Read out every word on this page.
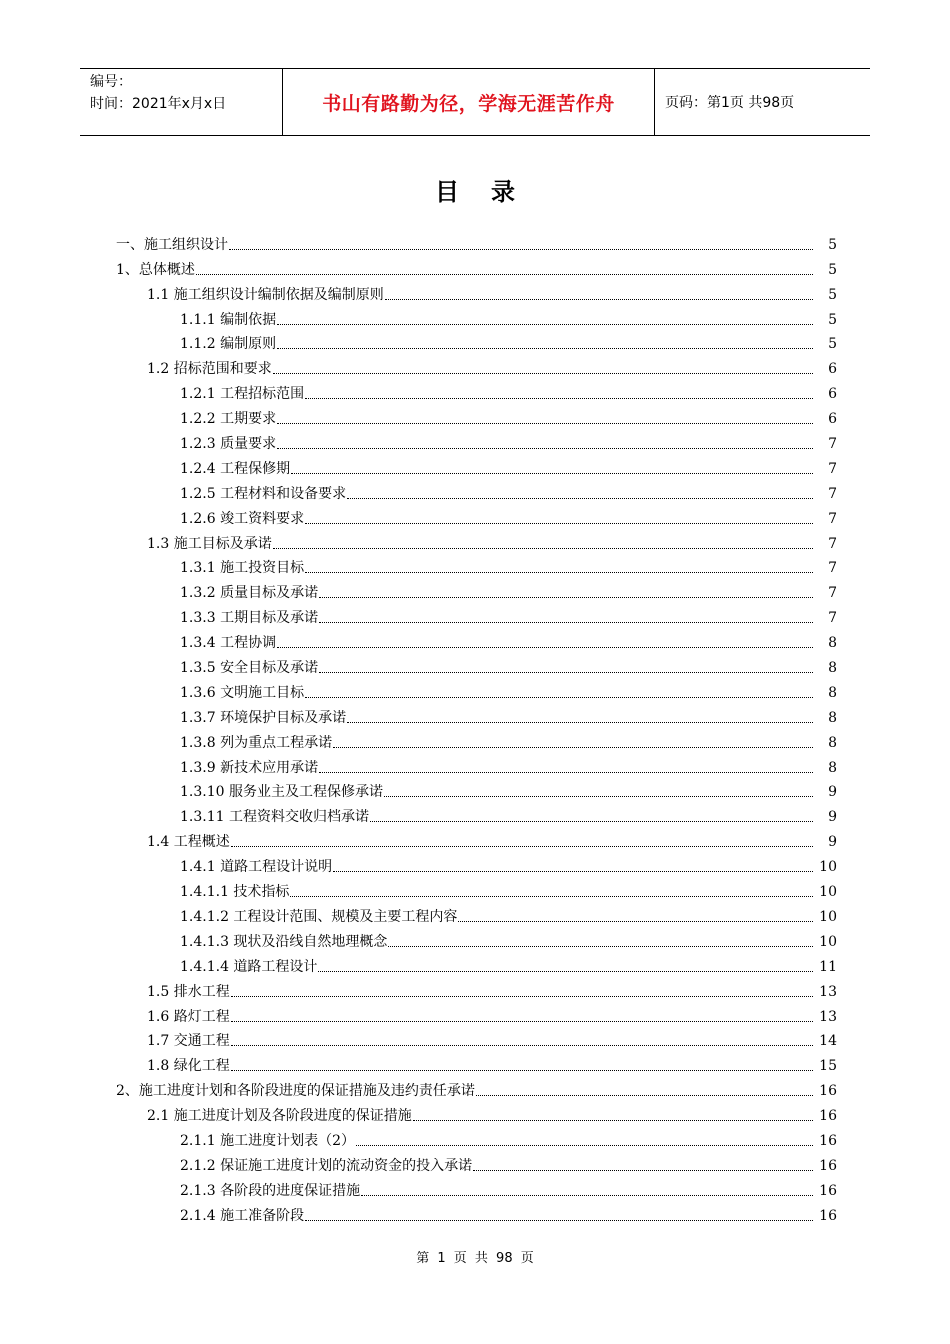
编号：
时间：2021年x月x日	书山有路勤为径，学海无涯苦作舟	页码：第1页 共98页
目录
一、施工组织设计	5
1、总体概述	5
1.1 施工组织设计编制依据及编制原则	5
1.1.1 编制依据	5
1.1.2 编制原则	5
1.2 招标范围和要求	6
1.2.1 工程招标范围	6
1.2.2 工期要求	6
1.2.3 质量要求	7
1.2.4 工程保修期	7
1.2.5 工程材料和设备要求	7
1.2.6 竣工资料要求	7
1.3 施工目标及承诺	7
1.3.1 施工投资目标	7
1.3.2 质量目标及承诺	7
1.3.3 工期目标及承诺	7
1.3.4 工程协调	8
1.3.5 安全目标及承诺	8
1.3.6 文明施工目标	8
1.3.7 环境保护目标及承诺	8
1.3.8 列为重点工程承诺	8
1.3.9 新技术应用承诺	8
1.3.10 服务业主及工程保修承诺	9
1.3.11 工程资料交收归档承诺	9
1.4 工程概述	9
1.4.1 道路工程设计说明	10
1.4.1.1 技术指标	10
1.4.1.2 工程设计范围、规模及主要工程内容	10
1.4.1.3 现状及沿线自然地理概念	10
1.4.1.4 道路工程设计	11
1.5 排水工程	13
1.6 路灯工程	13
1.7 交通工程	14
1.8 绿化工程	15
2、施工进度计划和各阶段进度的保证措施及违约责任承诺	16
2.1 施工进度计划及各阶段进度的保证措施	16
2.1.1 施工进度计划表（2）	16
2.1.2 保证施工进度计划的流动资金的投入承诺	16
2.1.3 各阶段的进度保证措施	16
2.1.4 施工准备阶段	16
第 1 页 共 98 页
